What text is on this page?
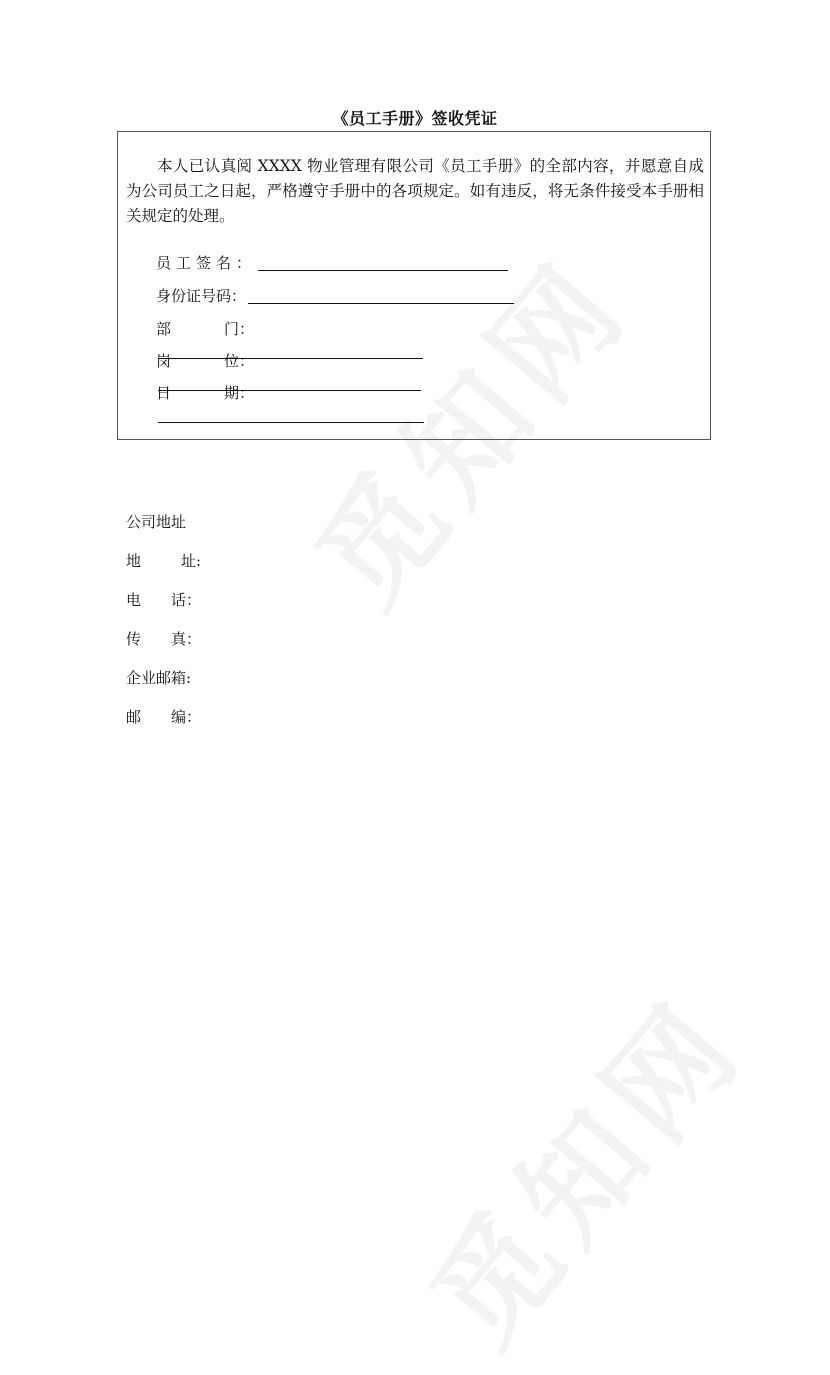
《员工手册》签收凭证

本人已认真阅 XXXX 物业管理有限公司《员工手册》的全部内容，并愿意自成为公司员工之日起，严格遵守手册中的各项规定。如有违反，将无条件接受本手册相关规定的处理。

员工签名：
身份证号码：
部	门：
岗	位：
日	期：
公司地址
地	址:
电 话：
传 真：
企业邮箱:
邮 编：
